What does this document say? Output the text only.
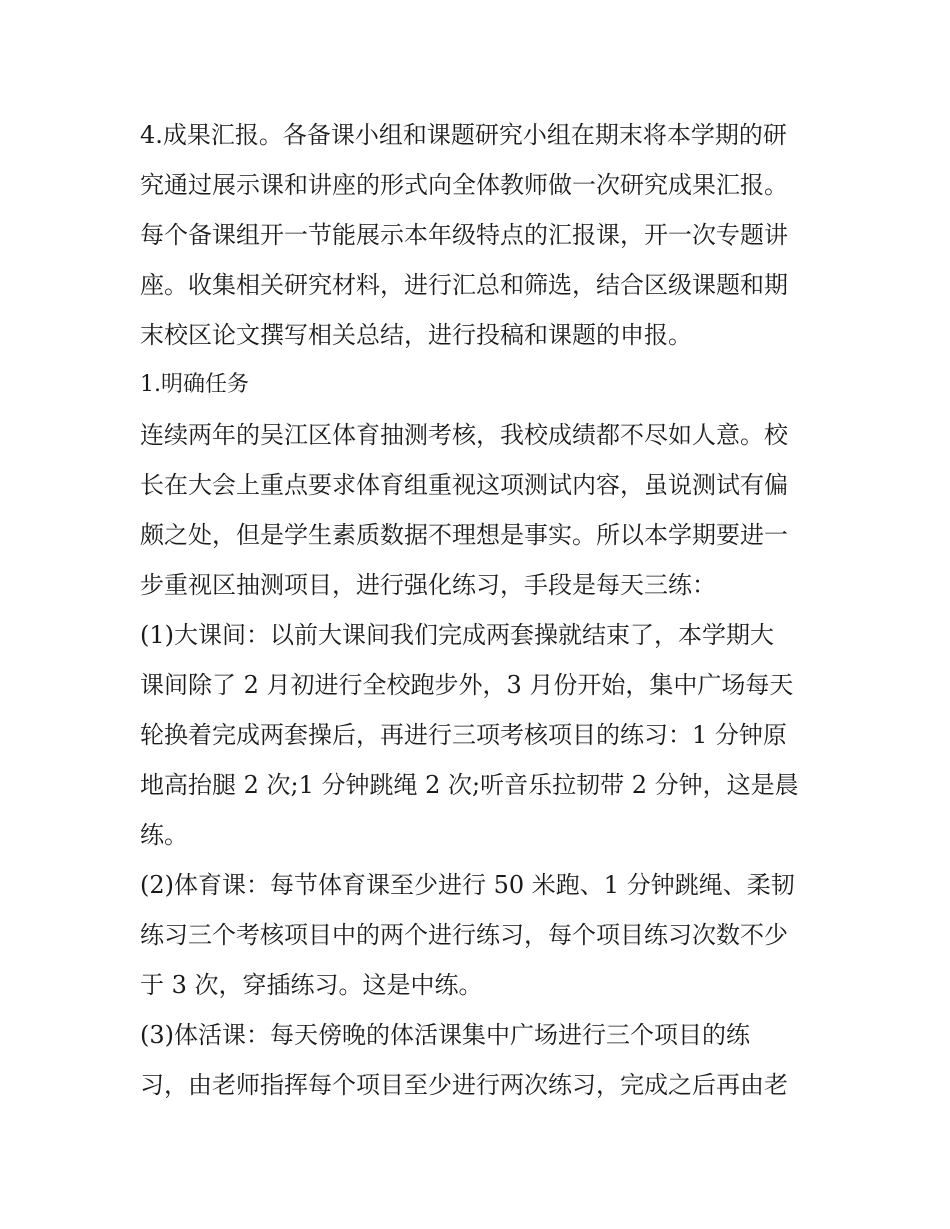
4.成果汇报。各备课小组和课题研究小组在期末将本学期的研
究通过展示课和讲座的形式向全体教师做一次研究成果汇报。
每个备课组开一节能展示本年级特点的汇报课，开一次专题讲
座。收集相关研究材料，进行汇总和筛选，结合区级课题和期
末校区论文撰写相关总结，进行投稿和课题的申报。
1.明确任务
连续两年的吴江区体育抽测考核，我校成绩都不尽如人意。校
长在大会上重点要求体育组重视这项测试内容，虽说测试有偏
颇之处，但是学生素质数据不理想是事实。所以本学期要进一
步重视区抽测项目，进行强化练习，手段是每天三练：
(1)大课间：以前大课间我们完成两套操就结束了，本学期大
课间除了 2 月初进行全校跑步外，3 月份开始，集中广场每天
轮换着完成两套操后，再进行三项考核项目的练习：1 分钟原
地高抬腿 2 次;1 分钟跳绳 2 次;听音乐拉韧带 2 分钟，这是晨
练。
(2)体育课：每节体育课至少进行 50 米跑、1 分钟跳绳、柔韧
练习三个考核项目中的两个进行练习，每个项目练习次数不少
于 3 次，穿插练习。这是中练。
(3)体活课：每天傍晚的体活课集中广场进行三个项目的练
习，由老师指挥每个项目至少进行两次练习，完成之后再由老
